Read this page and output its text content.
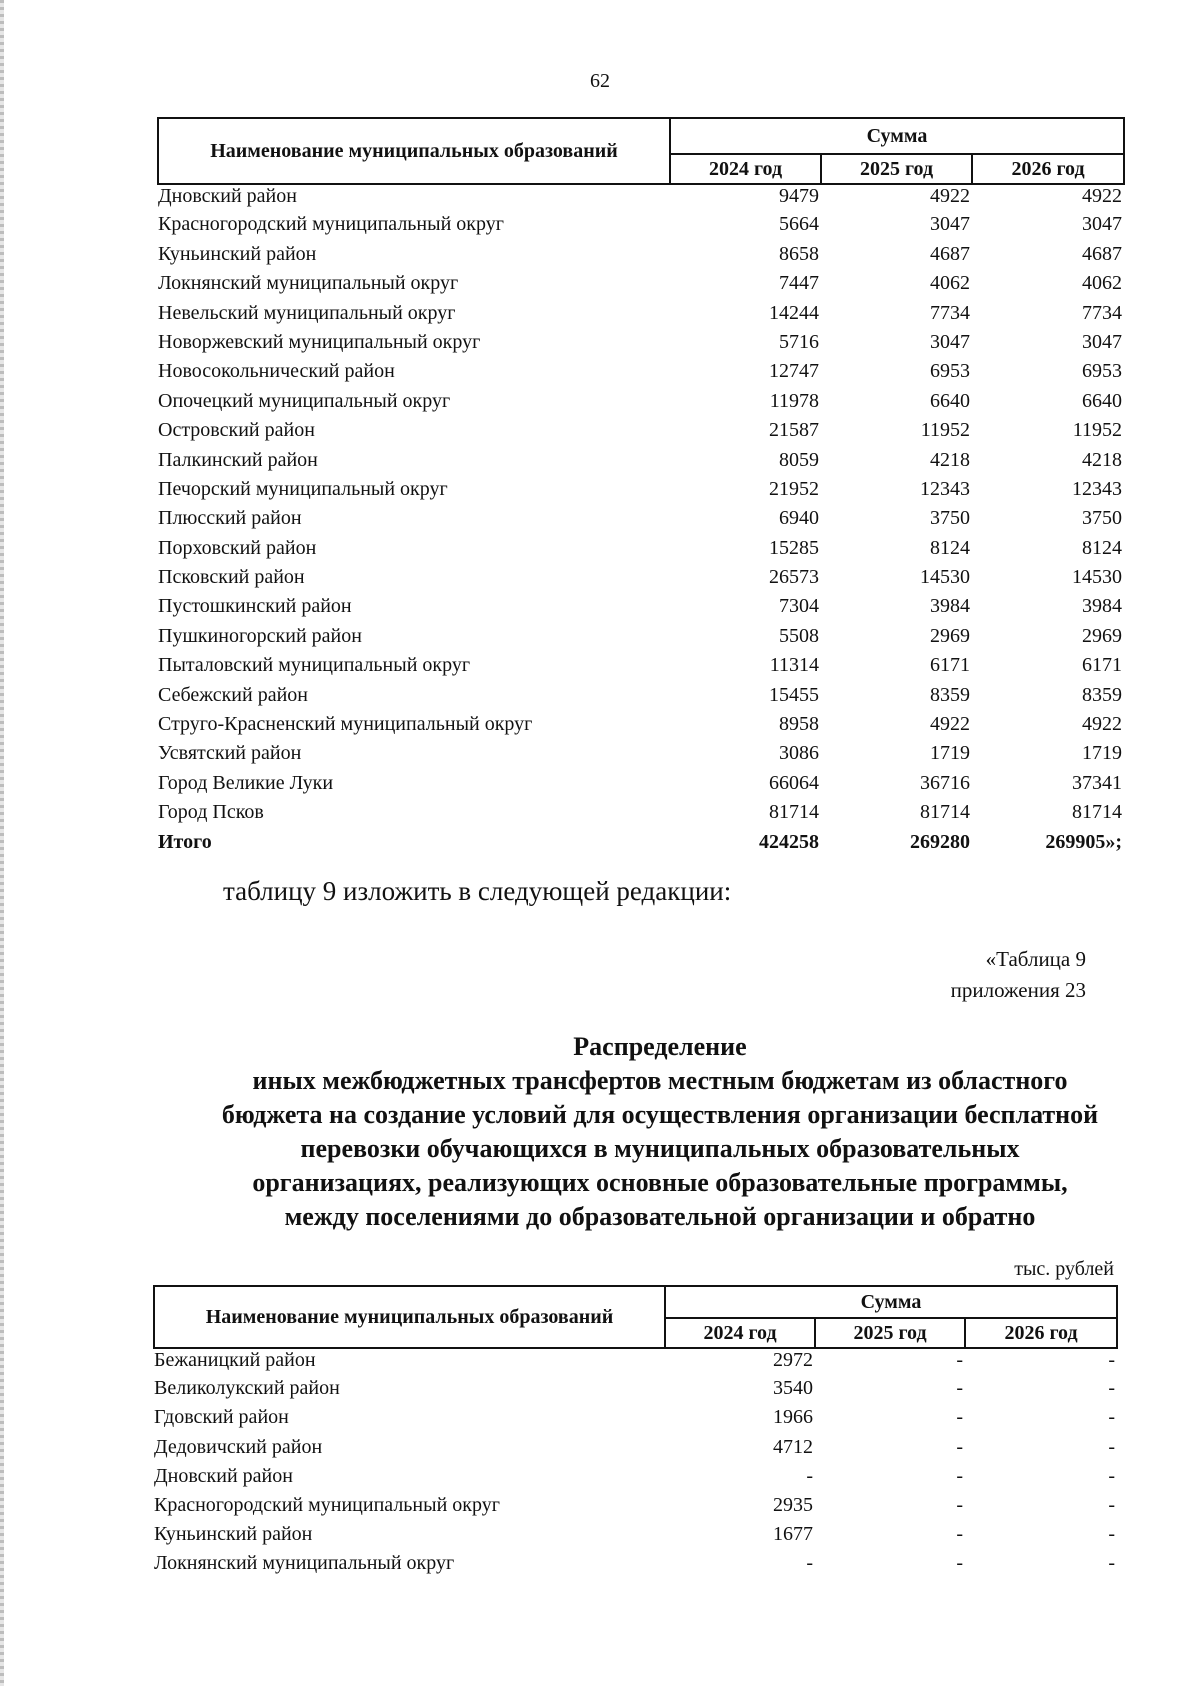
62
Наименование муниципальных образований	Сумма		
	2024 год	2025 год	2026 год
Дновский район	9479	4922	4922
Красногородский муниципальный округ	5664	3047	3047
Куньинский район	8658	4687	4687
Локнянский муниципальный округ	7447	4062	4062
Невельский муниципальный округ	14244	7734	7734
Новоржевский муниципальный округ	5716	3047	3047
Новосокольнический район	12747	6953	6953
Опочецкий муниципальный округ	11978	6640	6640
Островский район	21587	11952	11952
Палкинский район	8059	4218	4218
Печорский муниципальный округ	21952	12343	12343
Плюсский район	6940	3750	3750
Порховский район	15285	8124	8124
Псковский район	26573	14530	14530
Пустошкинский район	7304	3984	3984
Пушкиногорский район	5508	2969	2969
Пыталовский муниципальный округ	11314	6171	6171
Себежский район	15455	8359	8359
Струго-Красненский муниципальный округ	8958	4922	4922
Усвятский район	3086	1719	1719
Город Великие Луки	66064	36716	37341
Город Псков	81714	81714	81714
Итого	424258	269280	269905»;
таблицу 9 изложить в следующей редакции:
«Таблица 9
приложения 23
Распределение
иных межбюджетных трансфертов местным бюджетам из областного
бюджета на создание условий для осуществления организации бесплатной
перевозки обучающихся в муниципальных образовательных
организациях, реализующих основные образовательные программы,
между поселениями до образовательной организации и обратно
тыс. рублей
Наименование муниципальных образований	Сумма		
	2024 год	2025 год	2026 год
Бежаницкий район	2972	-	-
Великолукский район	3540	-	-
Гдовский район	1966	-	-
Дедовичский район	4712	-	-
Дновский район	-	-	-
Красногородский муниципальный округ	2935	-	-
Куньинский район	1677	-	-
Локнянский муниципальный округ	-	-	-
